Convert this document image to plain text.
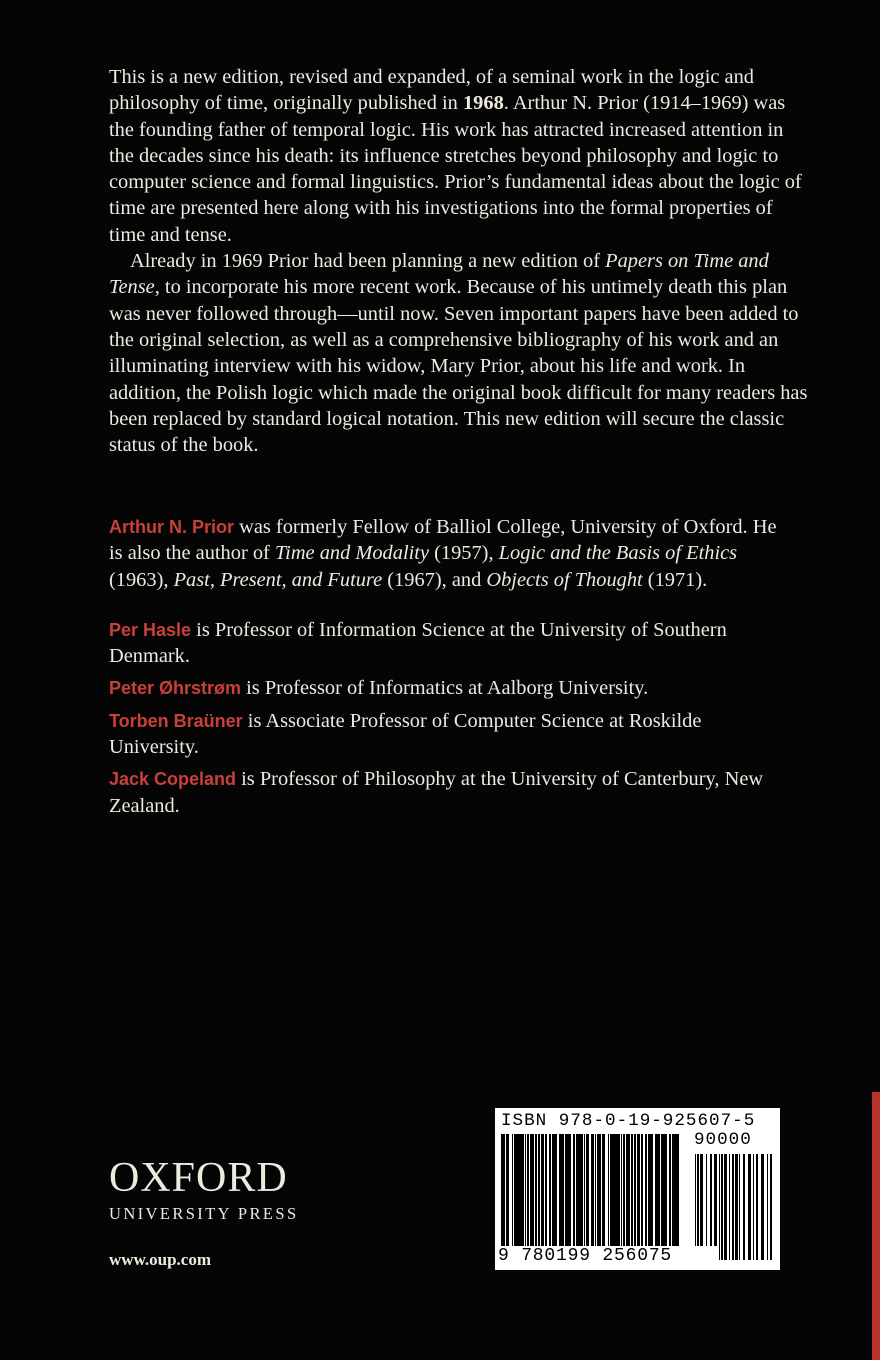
This is a new edition, revised and expanded, of a seminal work in the logic and philosophy of time, originally published in 1968. Arthur N. Prior (1914–1969) was the founding father of temporal logic. His work has attracted increased attention in the decades since his death: its influence stretches beyond philosophy and logic to computer science and formal linguistics. Prior’s fundamental ideas about the logic of time are presented here along with his investigations into the formal properties of time and tense.

Already in 1969 Prior had been planning a new edition of Papers on Time and Tense, to incorporate his more recent work. Because of his untimely death this plan was never followed through—until now. Seven important papers have been added to the original selection, as well as a comprehensive bibliography of his work and an illuminating interview with his widow, Mary Prior, about his life and work. In addition, the Polish logic which made the original book difficult for many readers has been replaced by standard logical notation. This new edition will secure the classic status of the book.

Arthur N. Prior was formerly Fellow of Balliol College, University of Oxford. He is also the author of Time and Modality (1957), Logic and the Basis of Ethics (1963), Past, Present, and Future (1967), and Objects of Thought (1971).

Per Hasle is Professor of Information Science at the University of Southern Denmark.

Peter Øhrstrøm is Professor of Informatics at Aalborg University.

Torben Braüner is Associate Professor of Computer Science at Roskilde University.

Jack Copeland is Professor of Philosophy at the University of Canterbury, New Zealand.

OXFORD
UNIVERSITY PRESS
www.oup.com
ISBN 978-0-19-925607-5
90000
9 780199 256075
